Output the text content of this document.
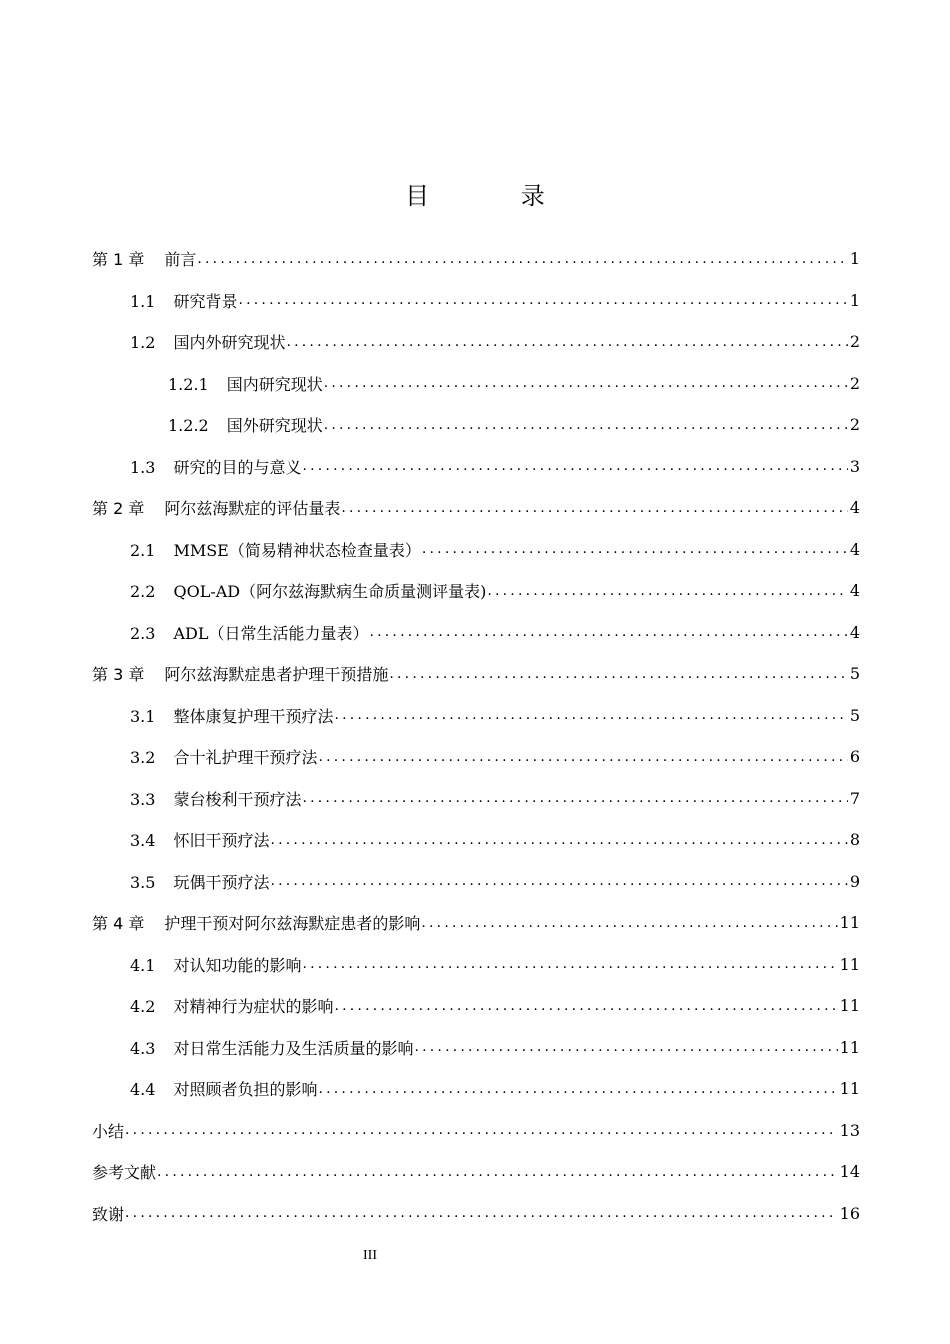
目 录
第 1 章 前言 .....	1
1.1 研究背景 .....	1
1.2 国内外研究现状 .....	2
1.2.1 国内研究现状 .....	2
1.2.2 国外研究现状 .....	2
1.3 研究的目的与意义 .....	3
第 2 章 阿尔兹海默症的评估量表 .....	4
2.1 MMSE（简易精神状态检查量表） .....	4
2.2 QOL-AD（阿尔兹海默病生命质量测评量表) .....	4
2.3 ADL（日常生活能力量表） .....	4
第 3 章 阿尔兹海默症患者护理干预措施 .....	5
3.1 整体康复护理干预疗法 .....	5
3.2 合十礼护理干预疗法 .....	6
3.3 蒙台梭利干预疗法 .....	7
3.4 怀旧干预疗法 .....	8
3.5 玩偶干预疗法 .....	9
第 4 章 护理干预对阿尔兹海默症患者的影响 .....	11
4.1 对认知功能的影响 .....	11
4.2 对精神行为症状的影响 .....	11
4.3 对日常生活能力及生活质量的影响 .....	11
4.4 对照顾者负担的影响 .....	11
小结 .....	13
参考文献 .....	14
致谢 .....	16
III
